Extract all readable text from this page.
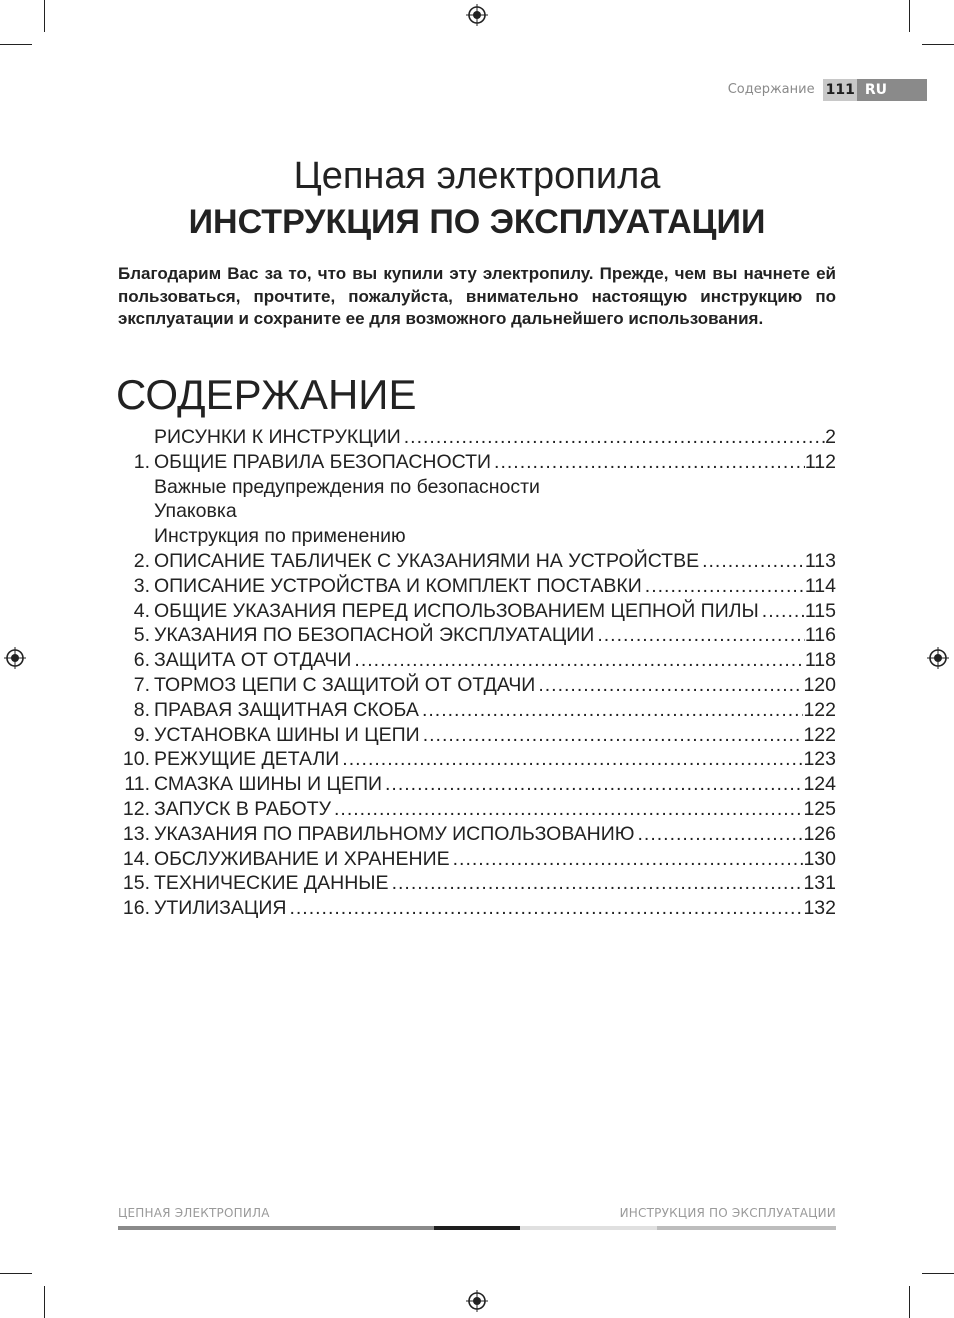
Содержание 111 RU
Цепная электропила
ИНСТРУКЦИЯ ПО ЭКСПЛУАТАЦИИ
Благодарим Вас за то, что вы купили эту электропилу. Прежде, чем вы начнете ей пользоваться, прочтите, пожалуйста, внимательно настоящую инструкцию по эксплуатации и сохраните ее для возможного дальнейшего использования.
СОДЕРЖАНИЕ
РИСУНКИ К ИНСТРУКЦИИ .....	2
1. ОБЩИЕ ПРАВИЛА БЕЗОПАСНОСТИ .....	112
Важные предупреждения по безопасности
Упаковка
Инструкция по применению
2. ОПИСАНИЕ ТАБЛИЧЕК С УКАЗАНИЯМИ НА УСТРОЙСТВЕ .....	113
3. ОПИСАНИЕ УСТРОЙСТВА И КОМПЛЕКТ ПОСТАВКИ .....	114
4. ОБЩИЕ УКАЗАНИЯ ПЕРЕД ИСПОЛЬЗОВАНИЕМ ЦЕПНОЙ ПИЛЫ ..... 115
5. УКАЗАНИЯ ПО БЕЗОПАСНОЙ ЭКСПЛУАТАЦИИ .....	116
6. ЗАЩИТА ОТ ОТДАЧИ .....	118
7. ТОРМОЗ ЦЕПИ С ЗАЩИТОЙ ОТ ОТДАЧИ .....	120
8. ПРАВАЯ ЗАЩИТНАЯ СКОБА .....	122
9. УСТАНОВКА ШИНЫ И ЦЕПИ .....	122
10. РЕЖУЩИЕ ДЕТАЛИ .....	123
11. СМАЗКА ШИНЫ И ЦЕПИ .....	124
12. ЗАПУСК В РАБОТУ .....	125
13. УКАЗАНИЯ ПО ПРАВИЛЬНОМУ ИСПОЛЬЗОВАНИЮ .....	126
14. ОБСЛУЖИВАНИЕ И ХРАНЕНИЕ .....	130
15. ТЕХНИЧЕСКИЕ ДАННЫЕ .....	131
16. УТИЛИЗАЦИЯ .....	132
ЦЕПНАЯ ЭЛЕКТРОПИЛА	ИНСТРУКЦИЯ ПО ЭКСПЛУАТАЦИИ
